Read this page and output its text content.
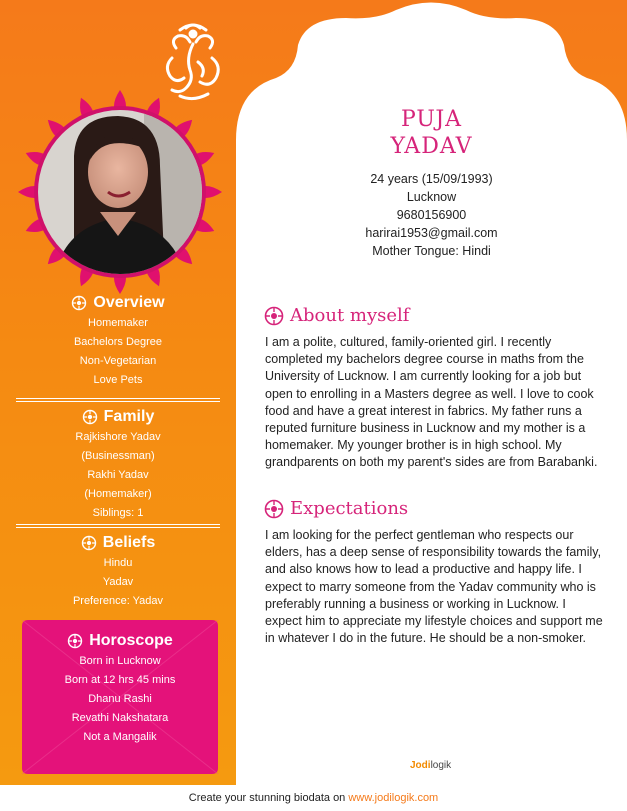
Overview
Homemaker
Bachelors Degree
Non-Vegetarian
Love Pets
Family
Rajkishore Yadav
(Businessman)
Rakhi Yadav
(Homemaker)
Siblings: 1
Beliefs
Hindu
Yadav
Preference: Yadav
Horoscope
Born in Lucknow
Born at 12 hrs 45 mins
Dhanu Rashi
Revathi Nakshatara
Not a Mangalik
PUJA
YADAV
24 years (15/09/1993)
Lucknow
9680156900
harirai1953@gmail.com
Mother Tongue: Hindi
About myself
I am a polite, cultured, family-oriented girl. I recently completed my bachelors degree course in maths from the University of Lucknow. I am currently looking for a job but open to enrolling in a Masters degree as well. I love to cook food and have a great interest in fabrics. My father runs a reputed furniture business in Lucknow and my mother is a homemaker. My younger brother is in high school. My grandparents on both my parent's sides are from Barabanki.
Expectations
I am looking for the perfect gentleman who respects our elders, has a deep sense of responsibility towards the family, and also knows how to lead a productive and happy life. I expect to marry someone from the Yadav community who is preferably running a business or working in Lucknow. I expect him to appreciate my lifestyle choices and support me in whatever I do in the future. He should be a non-smoker.
Jodilogik
Create your stunning biodata on www.jodilogik.com
